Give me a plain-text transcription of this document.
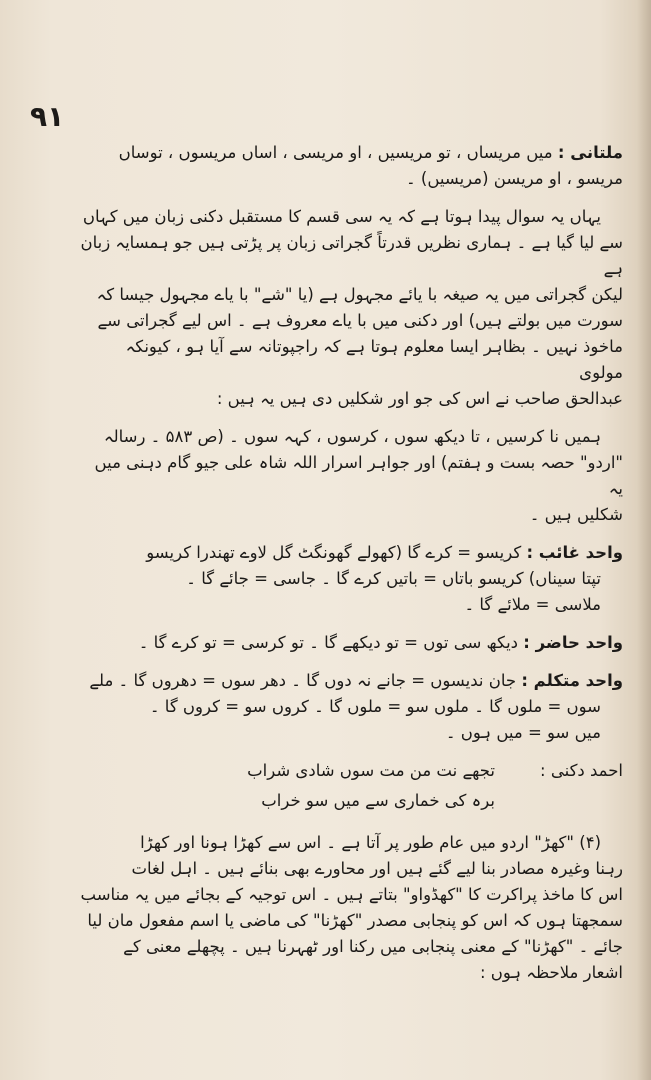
۹۱

ملتانی : میں مریساں ، تو مریسیں ، او مریسی ، اساں مریسوں ، توساں

مریسو ، او مریسن (مریسیں) ۔

یہاں یہ سوال پیدا ہوتا ہے کہ یہ سی قسم کا مستقبل دکنی زبان میں کہاں

سے لیا گیا ہے ۔ ہماری نظریں قدرتاً گجراتی زبان پر پڑتی ہیں جو ہمسایہ زبان ہے

لیکن گجراتی میں یہ صیغہ با یائے مجہول ہے (یا "شے" با یاے مجہول جیسا کہ

سورت میں بولتے ہیں) اور دکنی میں با یاے معروف ہے ۔ اس لیے گجراتی سے

ماخوذ نہیں ۔ بظاہر ایسا معلوم ہوتا ہے کہ راجپوتانہ سے آیا ہو ، کیونکہ مولوی

عبدالحق صاحب نے اس کی جو اور شکلیں دی ہیں یہ ہیں :

ہمیں نا کرسیں ، تا دیکھ سوں ، کرسوں ، کہہ سوں ۔ (ص ۵۸۳ ۔ رسالہ

"اردو" حصہ بست و ہفتم) اور جواہر اسرار اللہ شاہ علی جیو گام دہنی میں یہ

شکلیں ہیں ۔

واحد غائب : کریسو = کرے گا (کھولے گھونگٹ گل لاوے تھندرا کریسو

تپتا سیناں) کریسو باتاں = باتیں کرے گا ۔ جاسی = جائے گا ۔

ملاسی = ملائے گا ۔

واحد حاضر : دیکھ سی توں = تو دیکھے گا ۔ تو کرسی = تو کرے گا ۔

واحد متکلم : جان ندیسوں = جانے نہ دوں گا ۔ دھر سوں = دھروں گا ۔ ملے

سوں = ملوں گا ۔ ملوں سو = ملوں گا ۔ کروں سو = کروں گا ۔

میں سو = میں ہوں ۔

احمد دکنی :

تجھے نت من مت سوں شادی شراب

برہ کی خماری سے میں سو خراب

(۴) "کھڑ" اردو میں عام طور پر آتا ہے ۔ اس سے کھڑا ہونا اور کھڑا

رہنا وغیرہ مصادر بنا لیے گئے ہیں اور محاورے بھی بنائے ہیں ۔ اہل لغات

اس کا ماخذ پراکرت کا "کھڈواو" بتاتے ہیں ۔ اس توجیہ کے بجائے میں یہ مناسب

سمجھتا ہوں کہ اس کو پنجابی مصدر "کھڑنا" کی ماضی یا اسم مفعول مان لیا

جائے ۔ "کھڑنا" کے معنی پنجابی میں رکنا اور ٹھہرنا ہیں ۔ پچھلے معنی کے

اشعار ملاحظہ ہوں :
